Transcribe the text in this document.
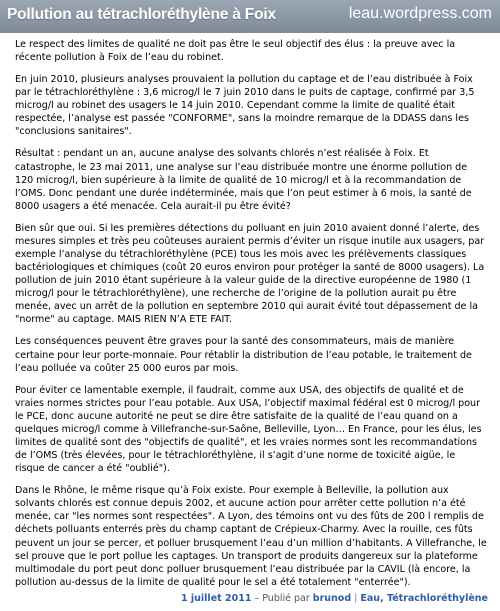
Pollution au tétrachloréthylène à Foix	leau.wordpress.com

Le respect des limites de qualité ne doit pas être le seul objectif des élus : la preuve avec la récente pollution à Foix de l’eau du robinet.

En juin 2010, plusieurs analyses prouvaient la pollution du captage et de l’eau distribuée à Foix par le tétrachloréthylène : 3,6 microg/l le 7 juin 2010 dans le puits de captage, confirmé par 3,5 microg/l au robinet des usagers le 14 juin 2010. Cependant comme la limite de qualité était respectée, l’analyse est passée "CONFORME", sans la moindre remarque de la DDASS dans les "conclusions sanitaires".

Résultat : pendant un an, aucune analyse des solvants chlorés n’est réalisée à Foix. Et catastrophe, le 23 mai 2011, une analyse sur l’eau distribuée montre une énorme pollution de 120 microg/l, bien supérieure à la limite de qualité de 10 microg/l et à la recommandation de l’OMS. Donc pendant une durée indéterminée, mais que l’on peut estimer à 6 mois, la santé de 8000 usagers a été menacée. Cela aurait-il pu être évité?

Bien sûr que oui. Si les premières détections du polluant en juin 2010 avaient donné l’alerte, des mesures simples et très peu coûteuses auraient permis d’éviter un risque inutile aux usagers, par exemple l’analyse du tétrachloréthylène (PCE) tous les mois avec les prélèvements classiques bactériologiques et chimiques (coût 20 euros environ pour protéger la santé de 8000 usagers). La pollution de juin 2010 étant supérieure à la valeur guide de la directive européenne de 1980 (1 microg/l pour le tétrachloréthylène), une recherche de l’origine de la pollution aurait pu être menée, avec un arrêt de la pollution en septembre 2010 qui aurait évité tout dépassement de la "norme" au captage. MAIS RIEN N’A ETE FAIT.

Les conséquences peuvent être graves pour la santé des consommateurs, mais de manière certaine pour leur porte-monnaie. Pour rétablir la distribution de l’eau potable, le traitement de l’eau polluée va coûter 25 000 euros par mois.

Pour éviter ce lamentable exemple, il faudrait, comme aux USA, des objectifs de qualité et de vraies normes strictes pour l’eau potable. Aux USA, l’objectif maximal fédéral est 0 microg/l pour le PCE, donc aucune autorité ne peut se dire être satisfaite de la qualité de l’eau quand on a quelques microg/l comme à Villefranche-sur-Saône, Belleville, Lyon… En France, pour les élus, les limites de qualité sont des "objectifs de qualité", et les vraies normes sont les recommandations de l’OMS (très élevées, pour le tétrachloréthylène, il s’agit d’une norme de toxicité aigüe, le risque de cancer a été "oublié").

Dans le Rhône, le même risque qu’à Foix existe. Pour exemple à Belleville, la pollution aux solvants chlorés est connue depuis 2002, et aucune action pour arrêter cette pollution n’a été menée, car "les normes sont respectées". A Lyon, des témoins ont vu des fûts de 200 l remplis de déchets polluants enterrés près du champ captant de Crépieux-Charmy. Avec la rouille, ces fûts peuvent un jour se percer, et polluer brusquement l’eau d’un million d’habitants. A Villefranche, le sel prouve que le port pollue les captages. Un transport de produits dangereux sur la plateforme multimodale du port peut donc polluer brusquement l’eau distribuée par la CAVIL (là encore, la pollution au-dessus de la limite de qualité pour le sel a été totalement "enterrée").

1 juillet 2011 – Publié par brunod | Eau, Tétrachloréthylène
